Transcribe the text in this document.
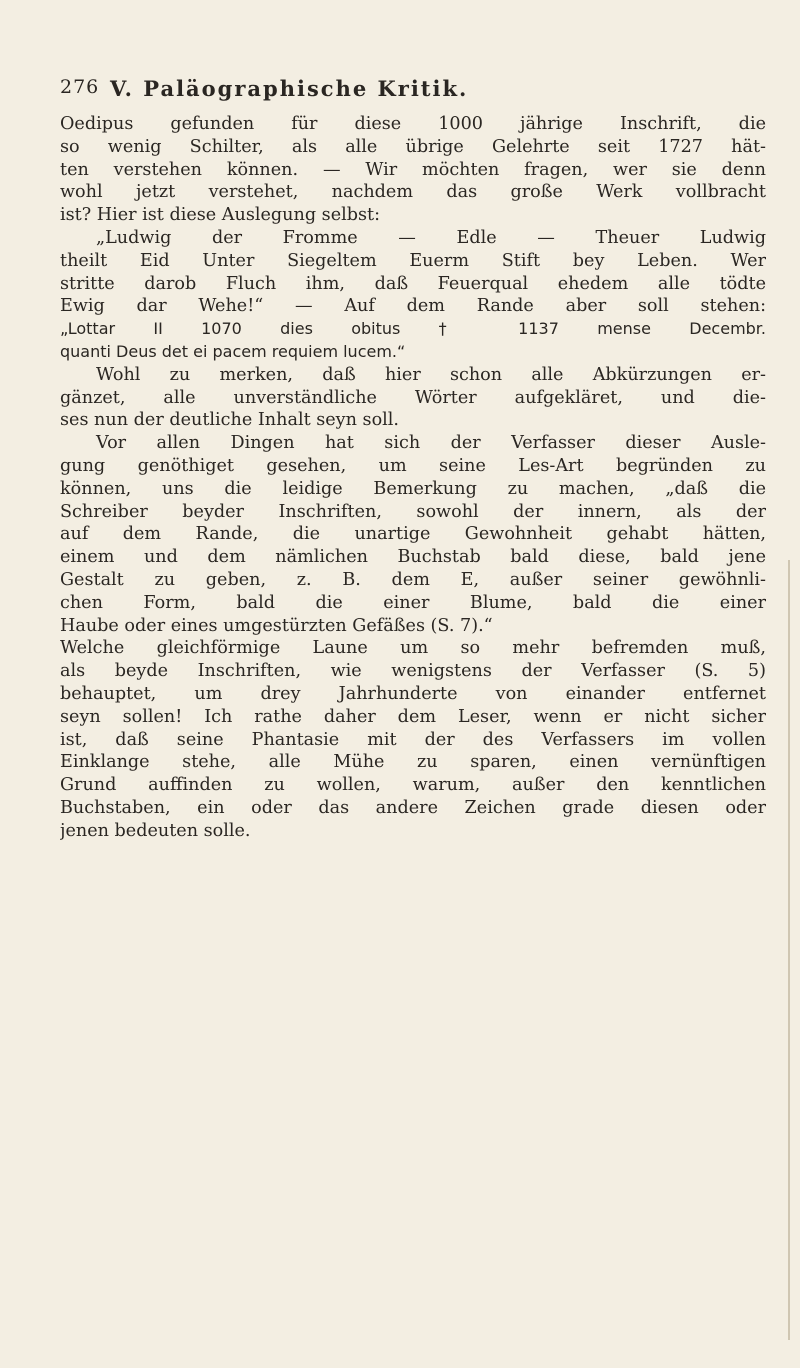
276 V. Paläographische Kritik.
Oedipus gefunden für diese 1000 jährige Inschrift, die
so wenig Schilter, als alle übrige Gelehrte seit 1727 hät-
ten verstehen können. — Wir möchten fragen, wer sie denn
wohl jetzt verstehet, nachdem das große Werk vollbracht
ist? Hier ist diese Auslegung selbst:
„Ludwig der Fromme — Edle — Theuer Ludwig
theilt Eid Unter Siegeltem Euerm Stift bey Leben. Wer
stritte darob Fluch ihm, daß Feuerqual ehedem alle tödte
Ewig dar Wehe!“ — Auf dem Rande aber soll stehen:
„Lottar II 1070 dies obitus † 1137 mense Decembr.
quanti Deus det ei pacem requiem lucem.“
Wohl zu merken, daß hier schon alle Abkürzungen er-
gänzet, alle unverständliche Wörter aufgekläret, und die-
ses nun der deutliche Inhalt seyn soll.
Vor allen Dingen hat sich der Verfasser dieser Ausle-
gung genöthiget gesehen, um seine Les-Art begründen zu
können, uns die leidige Bemerkung zu machen, „daß die
Schreiber beyder Inschriften, sowohl der innern, als der
auf dem Rande, die unartige Gewohnheit gehabt hätten,
einem und dem nämlichen Buchstab bald diese, bald jene
Gestalt zu geben, z. B. dem E, außer seiner gewöhnli-
chen Form, bald die einer Blume, bald die einer
Haube oder eines umgestürzten Gefäßes (S. 7).“
Welche gleichförmige Laune um so mehr befremden muß,
als beyde Inschriften, wie wenigstens der Verfasser (S. 5)
behauptet, um drey Jahrhunderte von einander entfernet
seyn sollen! Ich rathe daher dem Leser, wenn er nicht sicher
ist, daß seine Phantasie mit der des Verfassers im vollen
Einklange stehe, alle Mühe zu sparen, einen vernünftigen
Grund auffinden zu wollen, warum, außer den kenntlichen
Buchstaben, ein oder das andere Zeichen grade diesen oder
jenen bedeuten solle.
